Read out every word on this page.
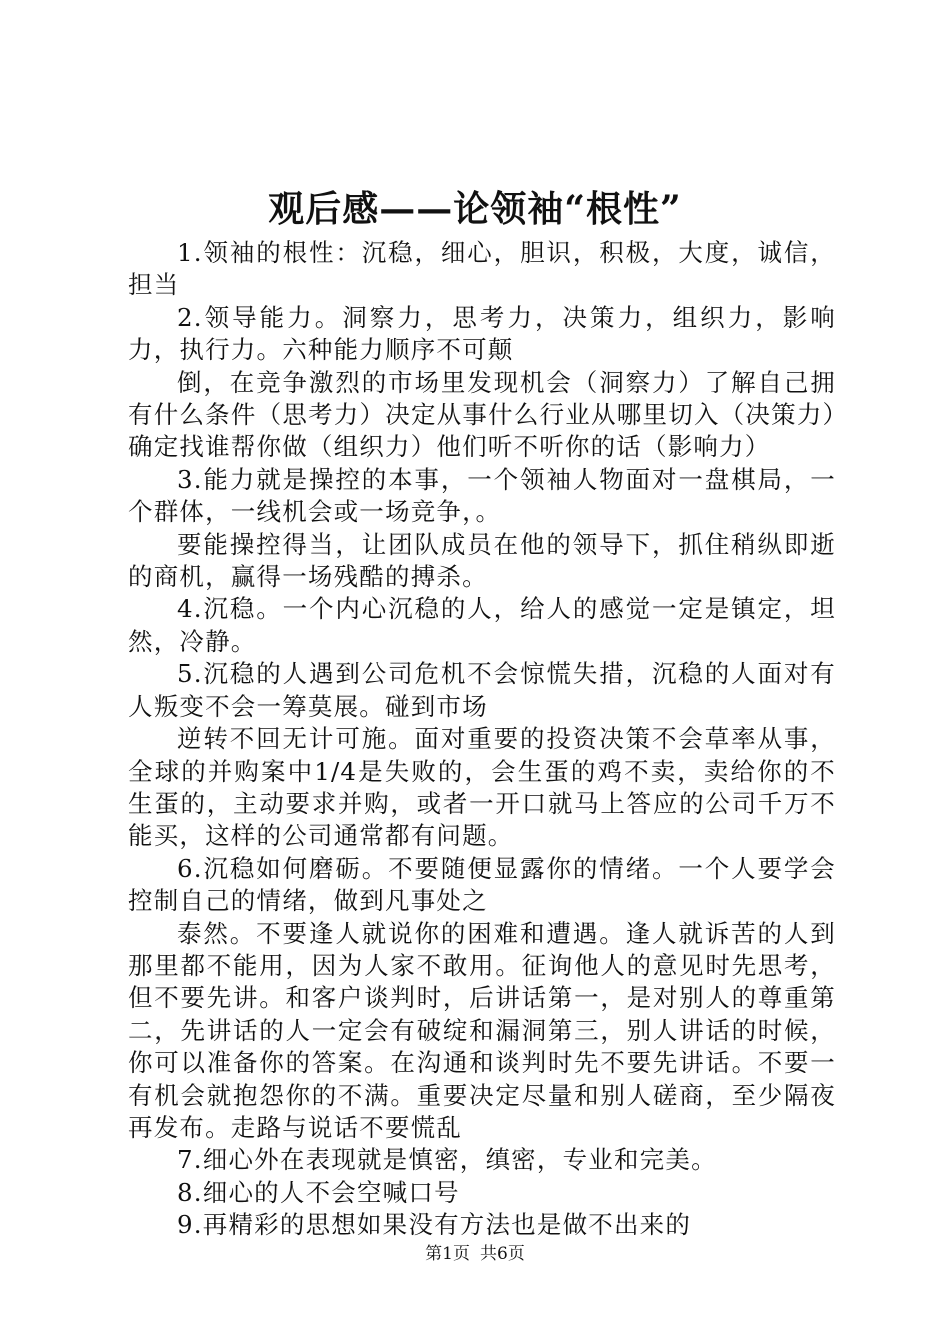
观后感——论领袖“根性”

1.领袖的根性：沉稳，细心，胆识，积极，大度，诚信，担当

2.领导能力。洞察力，思考力，决策力，组织力，影响力，执行力。六种能力顺序不可颠

倒，在竞争激烈的市场里发现机会（洞察力）了解自己拥有什么条件（思考力）决定从事什么行业从哪里切入（决策力）确定找谁帮你做（组织力）他们听不听你的话（影响力）

3.能力就是操控的本事，一个领袖人物面对一盘棋局，一个群体，一线机会或一场竞争，。

要能操控得当，让团队成员在他的领导下，抓住稍纵即逝的商机，赢得一场残酷的搏杀。

4.沉稳。一个内心沉稳的人，给人的感觉一定是镇定，坦然，冷静。

5.沉稳的人遇到公司危机不会惊慌失措，沉稳的人面对有人叛变不会一筹莫展。碰到市场

逆转不回无计可施。面对重要的投资决策不会草率从事，全球的并购案中1/4是失败的，会生蛋的鸡不卖，卖给你的不生蛋的，主动要求并购，或者一开口就马上答应的公司千万不能买，这样的公司通常都有问题。

6.沉稳如何磨砺。不要随便显露你的情绪。一个人要学会控制自己的情绪，做到凡事处之

泰然。不要逢人就说你的困难和遭遇。逢人就诉苦的人到那里都不能用，因为人家不敢用。征询他人的意见时先思考，但不要先讲。和客户谈判时，后讲话第一，是对别人的尊重第二，先讲话的人一定会有破绽和漏洞第三，别人讲话的时候，你可以准备你的答案。在沟通和谈判时先不要先讲话。不要一有机会就抱怨你的不满。重要决定尽量和别人磋商，至少隔夜再发布。走路与说话不要慌乱

7.细心外在表现就是慎密，缜密，专业和完美。

8.细心的人不会空喊口号

9.再精彩的思想如果没有方法也是做不出来的

第1页 共6页
